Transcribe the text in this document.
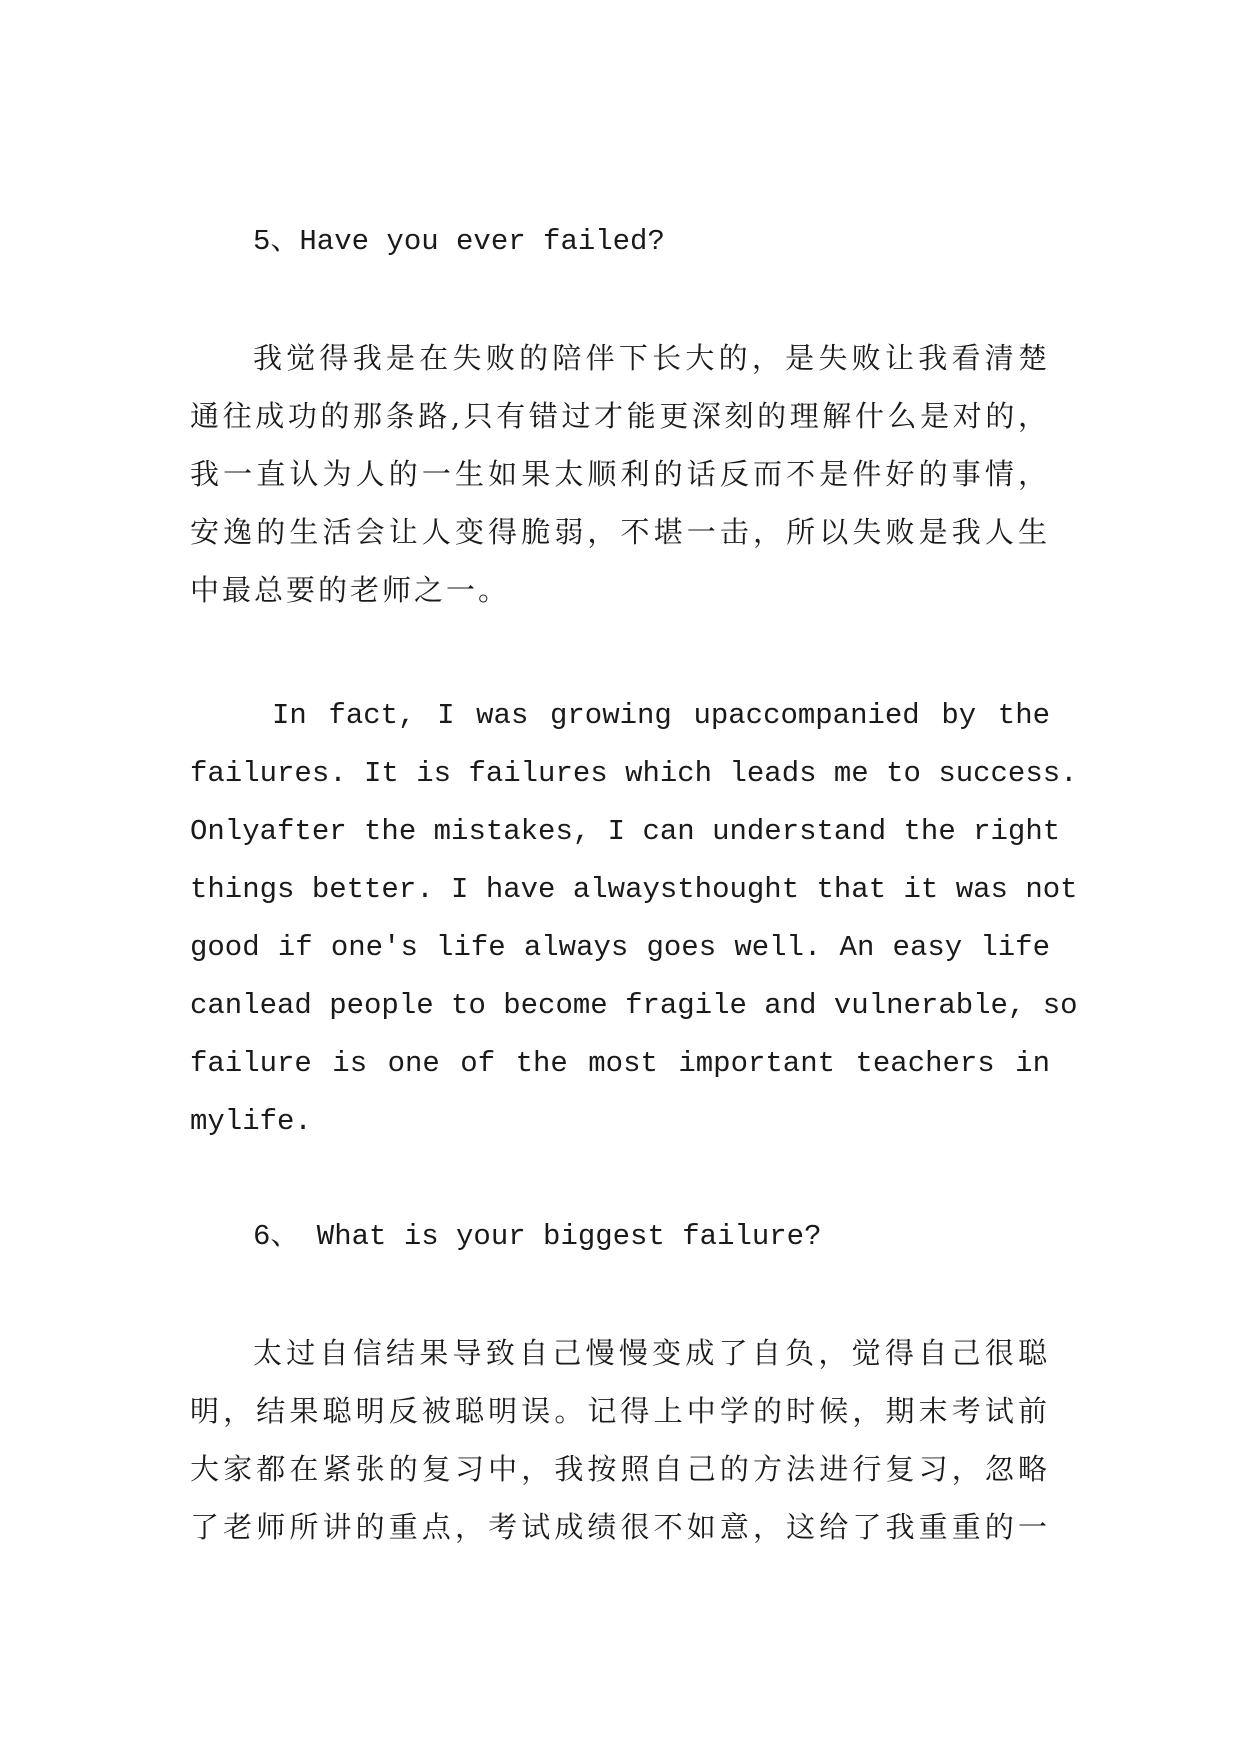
5、Have you ever failed?
我觉得我是在失败的陪伴下长大的，是失败让我看清楚
通往成功的那条路,只有错过才能更深刻的理解什么是对的，
我一直认为人的一生如果太顺利的话反而不是件好的事情，
安逸的生活会让人变得脆弱，不堪一击，所以失败是我人生
中最总要的老师之一。
In fact, I was growing upaccompanied by the
failures. It is failures which leads me to success.
Onlyafter the mistakes, I can understand the right
things better. I have alwaysthought that it was not
good if one's life always goes well. An easy life
canlead people to become fragile and vulnerable, so
failure is one of the most important teachers in
mylife.
6、 What is your biggest failure?
太过自信结果导致自己慢慢变成了自负，觉得自己很聪
明，结果聪明反被聪明误。记得上中学的时候，期末考试前
大家都在紧张的复习中，我按照自己的方法进行复习，忽略
了老师所讲的重点，考试成绩很不如意，这给了我重重的一
